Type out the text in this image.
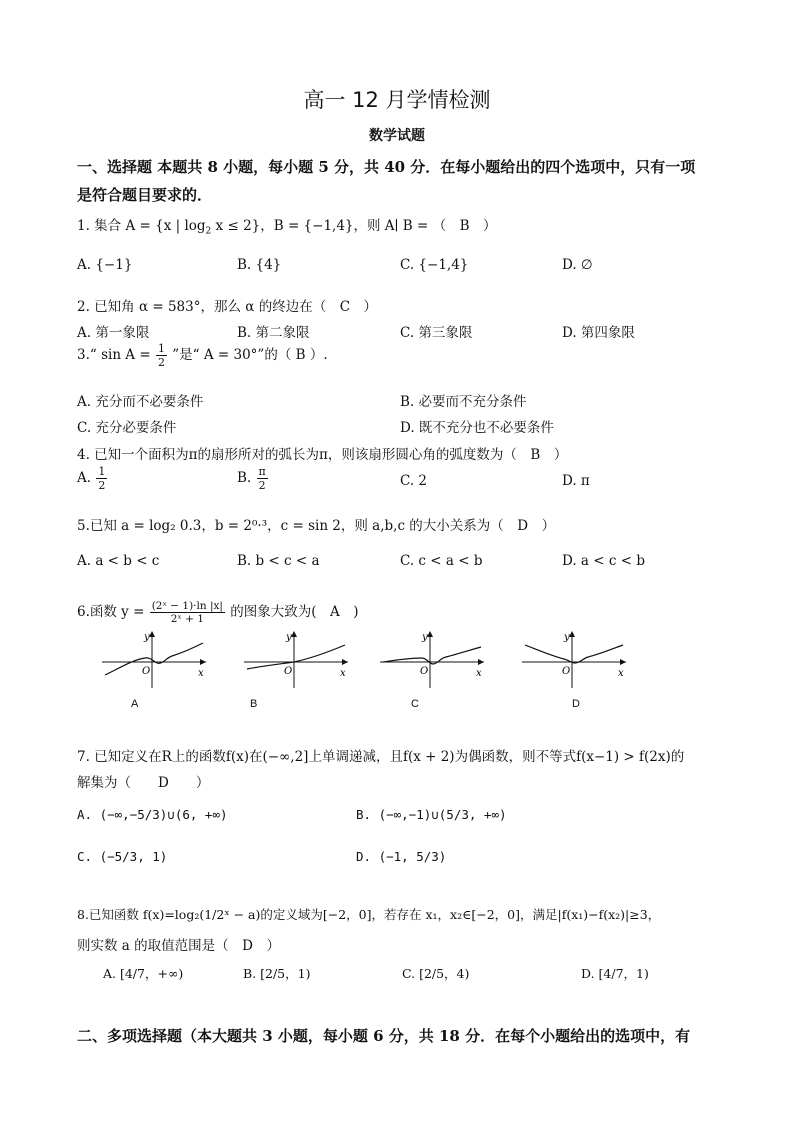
高一 12 月学情检测
数学试题
一、选择题 本题共 8 小题，每小题 5 分，共 40 分．在每小题给出的四个选项中，只有一项
是符合题目要求的．
1. 集合 A = {x | $\log_2 x \le 2$}，B = {−1,4}，则 A∣ B = （　B　）
A. {−1}	B. {4}	C. {−1,4}	D. ∅
2. 已知角 α = 583°，那么 α 的终边在（　C　）
A. 第一象限	B. 第二象限	C. 第三象限	D. 第四象限
3.“ $\sin A = \frac{1}{2}$ ”是“ A = 30°”的（ B ）.
A. 充分而不必要条件	B. 必要而不充分条件
C. 充分必要条件	D. 既不充分也不必要条件
4. 已知一个面积为π的扇形所对的弧长为π，则该扇形圆心角的弧度数为（　B　）
A. $\frac{1}{2}$	B. $\frac{\pi}{2}$	C. 2	D. π
5.已知 a = log₂ 0.3，b = 2⁰·³，c = sin 2，则 a,b,c 的大小关系为（　D　）
A. a < b < c	B. b < c < a	C. c < a < b	D. a < c < b
6.函数 $y = \frac{\text{(2ˣ − 1)·ln |x|}}{\text{2ˣ + 1}}$ 的图象大致为(　A　)
y
x
O
y
x
O
y
x
O
y
x
O
A	B	C	D
7. 已知定义在R上的函数f(x)在(−∞,2]上单调递减，且f(x + 2)为偶函数，则不等式f(x−1) > f(2x)的
解集为（　　D　　）
A. (−∞,−5/3)∪(6, +∞)	B. (−∞,−1)∪(5/3, +∞)
C. (−5/3, 1)	D. (−1, 5/3)
8.已知函数 f(x)=log₂(1/2ˣ − a)的定义域为[−2，0]，若存在 x₁，x₂∈[−2，0]，满足|f(x₁)−f(x₂)|≥3，
则实数 a 的取值范围是（　D　）
A. [4/7，+∞)	B. [2/5，1)	C. [2/5，4)	D. [4/7，1)
二、多项选择题（本大题共 3 小题，每小题 6 分，共 18 分．在每个小题给出的选项中，有
